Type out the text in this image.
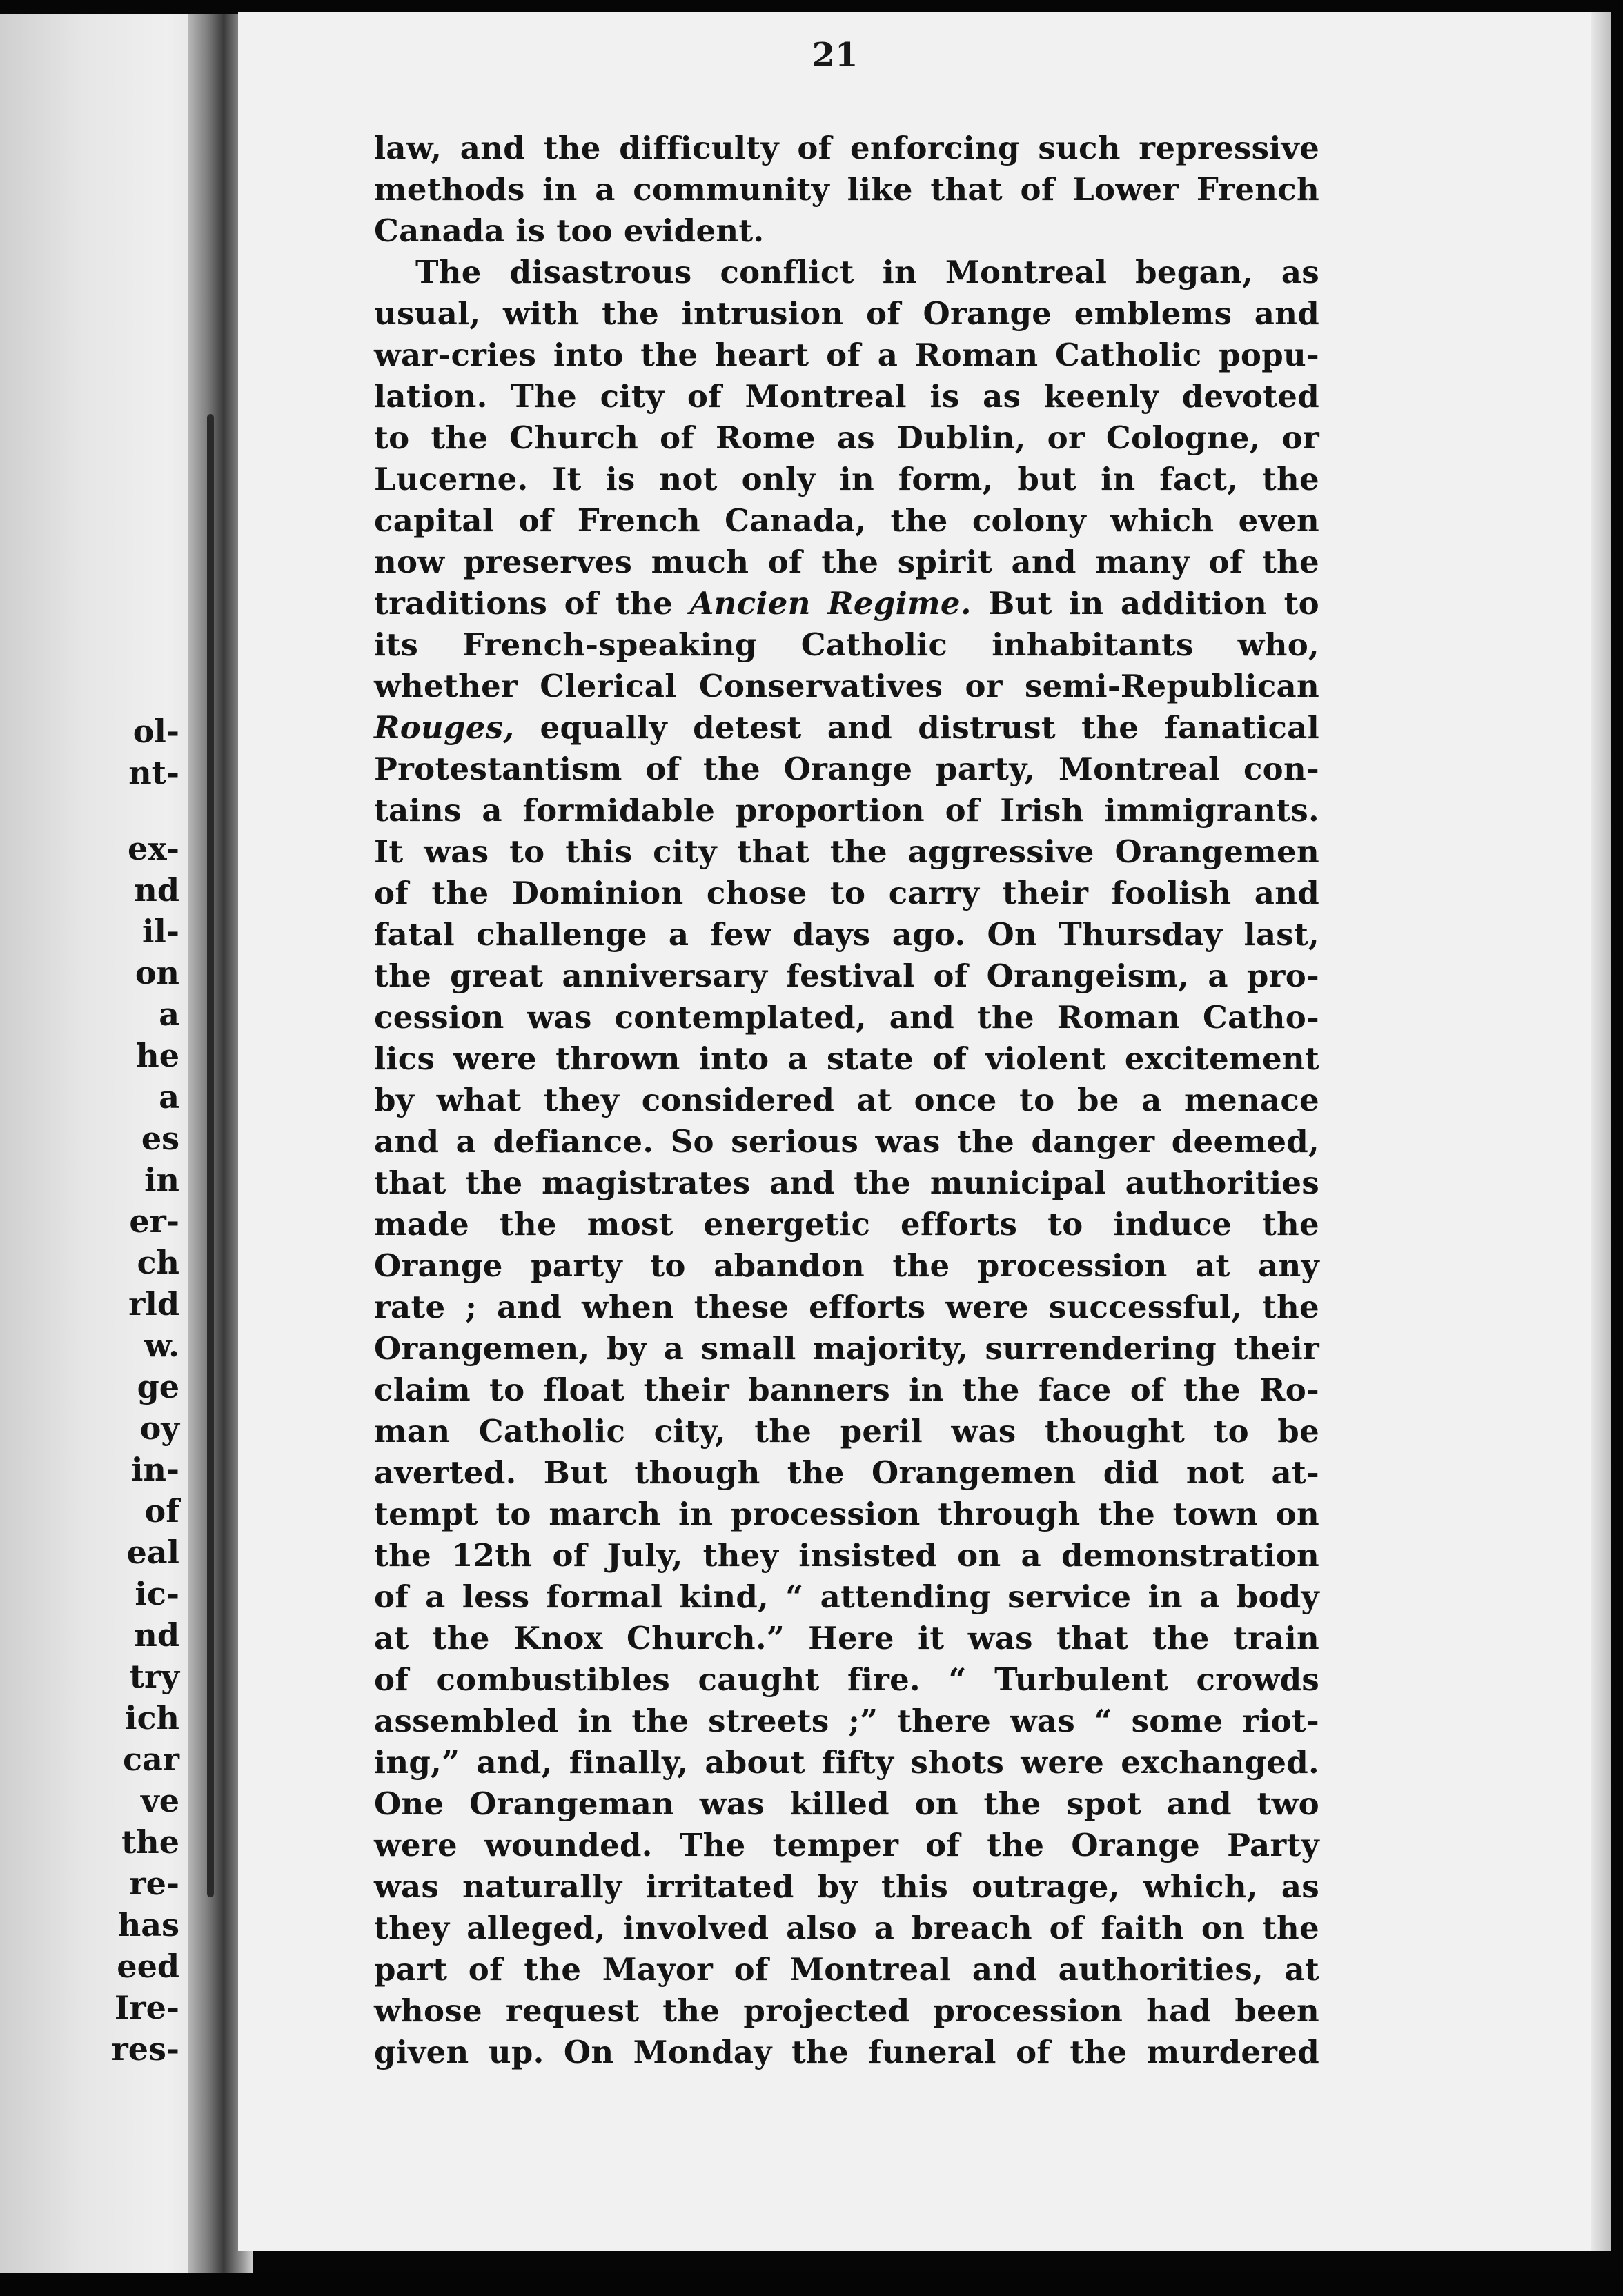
ol-
nt-
ex-
nd
il-
on
a
he
a
es
in
er-
ch
rld
w.
ge
oy
in-
of
eal
ic-
nd
try
ich
car
ve
the
re-
has
eed
Ire-
res-
21
law, and the difficulty of enforcing such repressive
methods in a community like that of Lower French
Canada is too evident.
The disastrous conflict in Montreal began, as
usual, with the intrusion of Orange emblems and
war-cries into the heart of a Roman Catholic popu-
lation. The city of Montreal is as keenly devoted
to the Church of Rome as Dublin, or Cologne, or
Lucerne. It is not only in form, but in fact, the
capital of French Canada, the colony which even
now preserves much of the spirit and many of the
traditions of the Ancien Regime. But in addition to
its French-speaking Catholic inhabitants who,
whether Clerical Conservatives or semi-Republican
Rouges, equally detest and distrust the fanatical
Protestantism of the Orange party, Montreal con-
tains a formidable proportion of Irish immigrants.
It was to this city that the aggressive Orangemen
of the Dominion chose to carry their foolish and
fatal challenge a few days ago. On Thursday last,
the great anniversary festival of Orangeism, a pro-
cession was contemplated, and the Roman Catho-
lics were thrown into a state of violent excitement
by what they considered at once to be a menace
and a defiance. So serious was the danger deemed,
that the magistrates and the municipal authorities
made the most energetic efforts to induce the
Orange party to abandon the procession at any
rate ; and when these efforts were successful, the
Orangemen, by a small majority, surrendering their
claim to float their banners in the face of the Ro-
man Catholic city, the peril was thought to be
averted. But though the Orangemen did not at-
tempt to march in procession through the town on
the 12th of July, they insisted on a demonstration
of a less formal kind, “ attending service in a body
at the Knox Church.” Here it was that the train
of combustibles caught fire. “ Turbulent crowds
assembled in the streets ;” there was “ some riot-
ing,” and, finally, about fifty shots were exchanged.
One Orangeman was killed on the spot and two
were wounded. The temper of the Orange Party
was naturally irritated by this outrage, which, as
they alleged, involved also a breach of faith on the
part of the Mayor of Montreal and authorities, at
whose request the projected procession had been
given up. On Monday the funeral of the murdered
